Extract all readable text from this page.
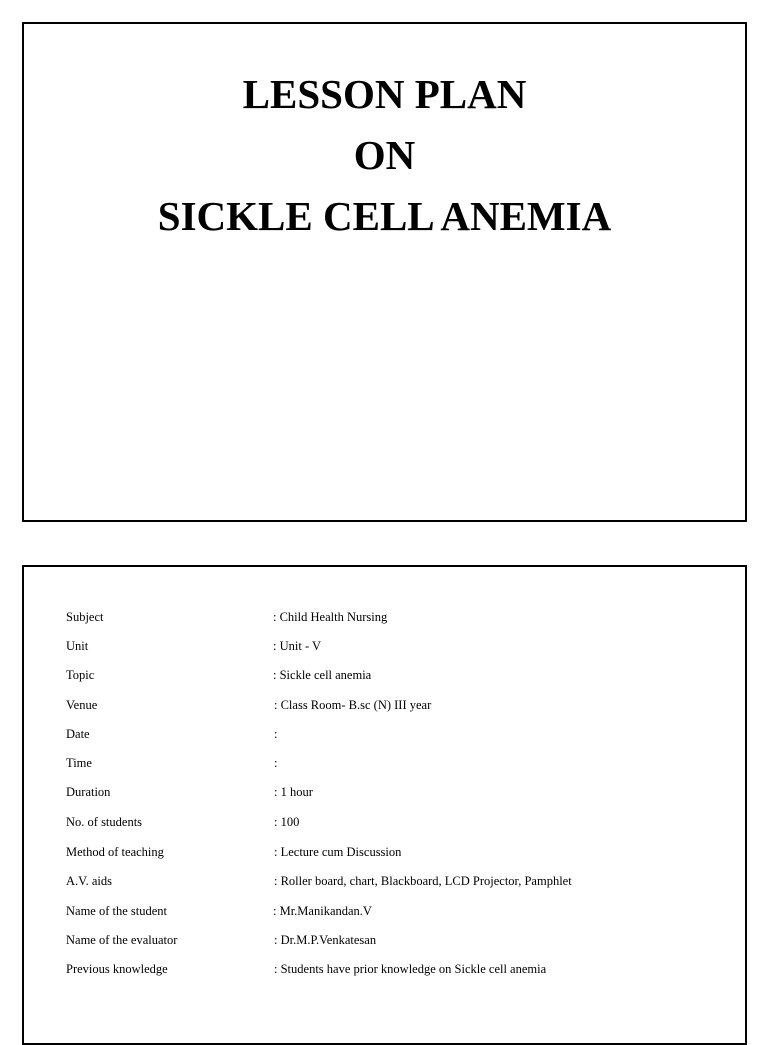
LESSON PLAN
ON
SICKLE CELL ANEMIA
Subject	: Child Health Nursing
Unit	: Unit - V
Topic	: Sickle cell anemia
Venue	: Class Room- B.sc (N) III year
Date	:
Time	:
Duration	: 1 hour
No. of students	: 100
Method of teaching	: Lecture cum Discussion
A.V. aids	: Roller board, chart, Blackboard, LCD Projector, Pamphlet
Name of the student	: Mr.Manikandan.V
Name of the evaluator	: Dr.M.P.Venkatesan
Previous knowledge	: Students have prior knowledge on Sickle cell anemia
